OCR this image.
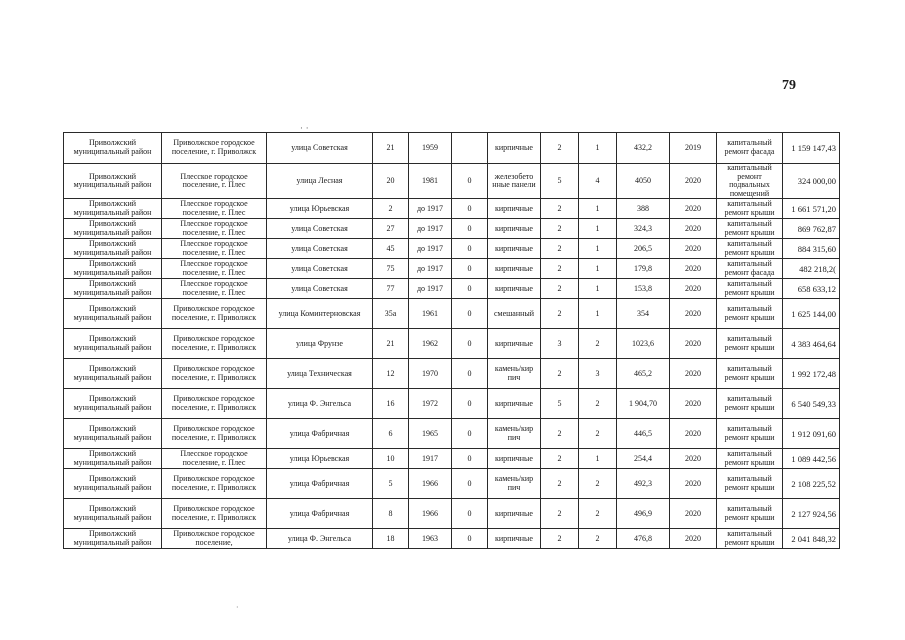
79
· ·
Приволжский муниципальный район	Приволжское городское поселение, г. Приволжск	улица Советская	21	1959		кирпичные	2	1	432,2	2019	капитальный ремонт фасада	1 159 147,43
Приволжский муниципальный район	Плесское городское поселение, г. Плес	улица Лесная	20	1981	0	железобето нные панели	5	4	4050	2020	капитальный ремонт подвальных помещений	324 000,00
Приволжский муниципальный район	Плесское городское поселение, г. Плес	улица Юрьевская	2	до 1917	0	кирпичные	2	1	388	2020	капитальный ремонт крыши	1 661 571,20
Приволжский муниципальный район	Плесское городское поселение, г. Плес	улица Советская	27	до 1917	0	кирпичные	2	1	324,3	2020	капитальный ремонт крыши	869 762,87
Приволжский муниципальный район	Плесское городское поселение, г. Плес	улица Советская	45	до 1917	0	кирпичные	2	1	206,5	2020	капитальный ремонт крыши	884 315,60
Приволжский муниципальный район	Плесское городское поселение, г. Плес	улица Советская	75	до 1917	0	кирпичные	2	1	179,8	2020	капитальный ремонт фасада	482 218,2(
Приволжский муниципальный район	Плесское городское поселение, г. Плес	улица Советская	77	до 1917	0	кирпичные	2	1	153,8	2020	капитальный ремонт крыши	658 633,12
Приволжский муниципальный район	Приволжское городское поселение, г. Приволжск	улица Коминтерновская	35а	1961	0	смешанный	2	1	354	2020	капитальный ремонт крыши	1 625 144,00
Приволжский муниципальный район	Приволжское городское поселение, г. Приволжск	улица Фрунзе	21	1962	0	кирпичные	3	2	1023,6	2020	капитальный ремонт крыши	4 383 464,64
Приволжский муниципальный район	Приволжское городское поселение, г. Приволжск	улица Техническая	12	1970	0	камень/кир пич	2	3	465,2	2020	капитальный ремонт крыши	1 992 172,48
Приволжский муниципальный район	Приволжское городское поселение, г. Приволжск	улица Ф. Энгельса	16	1972	0	кирпичные	5	2	1 904,70	2020	капитальный ремонт крыши	6 540 549,33
Приволжский муниципальный район	Приволжское городское поселение, г. Приволжск	улица Фабричная	6	1965	0	камень/кир пич	2	2	446,5	2020	капитальный ремонт крыши	1 912 091,60
Приволжский муниципальный район	Плесское городское поселение, г. Плес	улица Юрьевская	10	1917	0	кирпичные	2	1	254,4	2020	капитальный ремонт крыши	1 089 442,56
Приволжский муниципальный район	Приволжское городское поселение, г. Приволжск	улица Фабричная	5	1966	0	камень/кир пич	2	2	492,3	2020	капитальный ремонт крыши	2 108 225,52
Приволжский муниципальный район	Приволжское городское поселение, г. Приволжск	улица Фабричная	8	1966	0	кирпичные	2	2	496,9	2020	капитальный ремонт крыши	2 127 924,56
Приволжский муниципальный район	Приволжское городское поселение,	улица Ф. Энгельса	18	1963	0	кирпичные	2	2	476,8	2020	капитальный ремонт крыши	2 041 848,32
·
